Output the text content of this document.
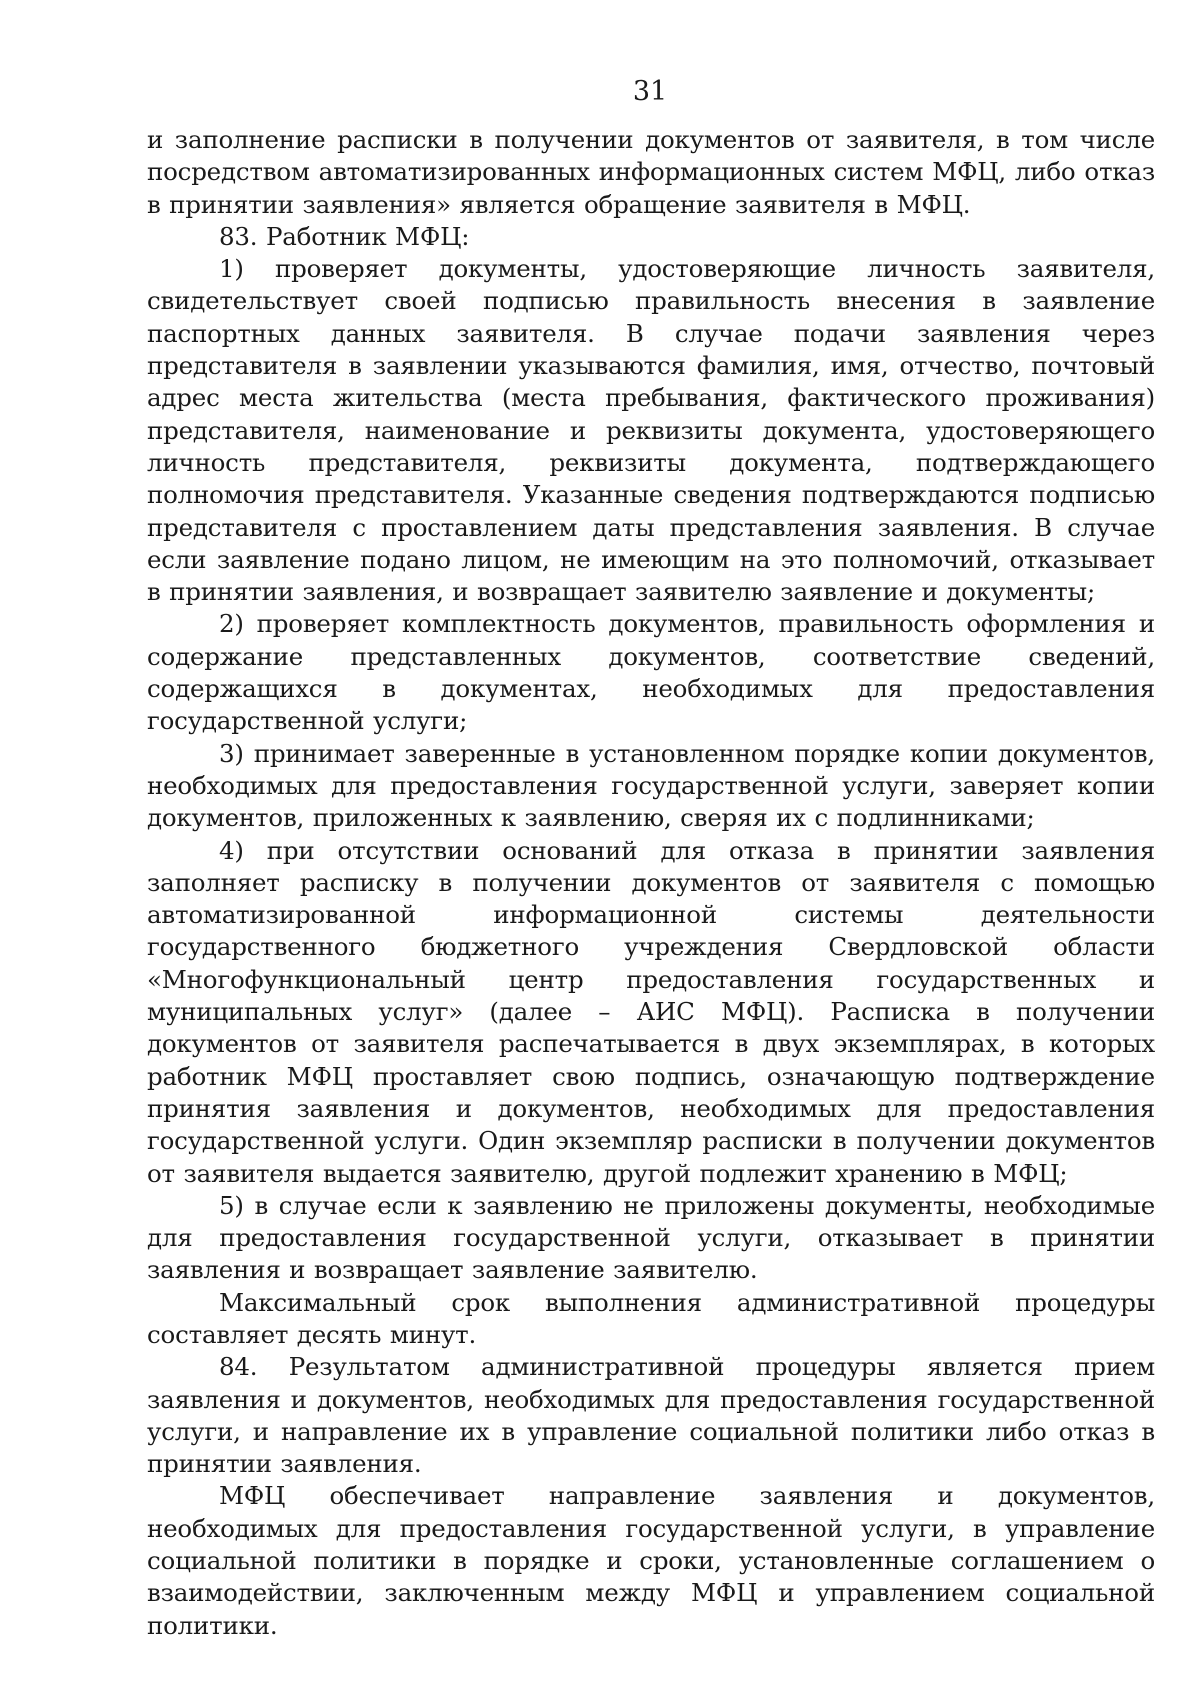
31

и заполнение расписки в получении документов от заявителя, в том числе посредством автоматизированных информационных систем МФЦ, либо отказ в принятии заявления» является обращение заявителя в МФЦ.

83. Работник МФЦ:

1) проверяет документы, удостоверяющие личность заявителя, свидетельствует своей подписью правильность внесения в заявление паспортных данных заявителя. В случае подачи заявления через представителя в заявлении указываются фамилия, имя, отчество, почтовый адрес места жительства (места пребывания, фактического проживания) представителя, наименование и реквизиты документа, удостоверяющего личность представителя, реквизиты документа, подтверждающего полномочия представителя. Указанные сведения подтверждаются подписью представителя с проставлением даты представления заявления. В случае если заявление подано лицом, не имеющим на это полномочий, отказывает в принятии заявления, и возвращает заявителю заявление и документы;

2) проверяет комплектность документов, правильность оформления и содержание представленных документов, соответствие сведений, содержащихся в документах, необходимых для предоставления государственной услуги;

3) принимает заверенные в установленном порядке копии документов, необходимых для предоставления государственной услуги, заверяет копии документов, приложенных к заявлению, сверяя их с подлинниками;

4) при отсутствии оснований для отказа в принятии заявления заполняет расписку в получении документов от заявителя с помощью автоматизированной информационной системы деятельности государственного бюджетного учреждения Свердловской области «Многофункциональный центр предоставления государственных и муниципальных услуг» (далее – АИС МФЦ). Расписка в получении документов от заявителя распечатывается в двух экземплярах, в которых работник МФЦ проставляет свою подпись, означающую подтверждение принятия заявления и документов, необходимых для предоставления государственной услуги. Один экземпляр расписки в получении документов от заявителя выдается заявителю, другой подлежит хранению в МФЦ;

5) в случае если к заявлению не приложены документы, необходимые для предоставления государственной услуги, отказывает в принятии заявления и возвращает заявление заявителю.

Максимальный срок выполнения административной процедуры составляет десять минут.

84. Результатом административной процедуры является прием заявления и документов, необходимых для предоставления государственной услуги, и направление их в управление социальной политики либо отказ в принятии заявления.

МФЦ обеспечивает направление заявления и документов, необходимых для предоставления государственной услуги, в управление социальной политики в порядке и сроки, установленные соглашением о взаимодействии, заключенным между МФЦ и управлением социальной политики.
